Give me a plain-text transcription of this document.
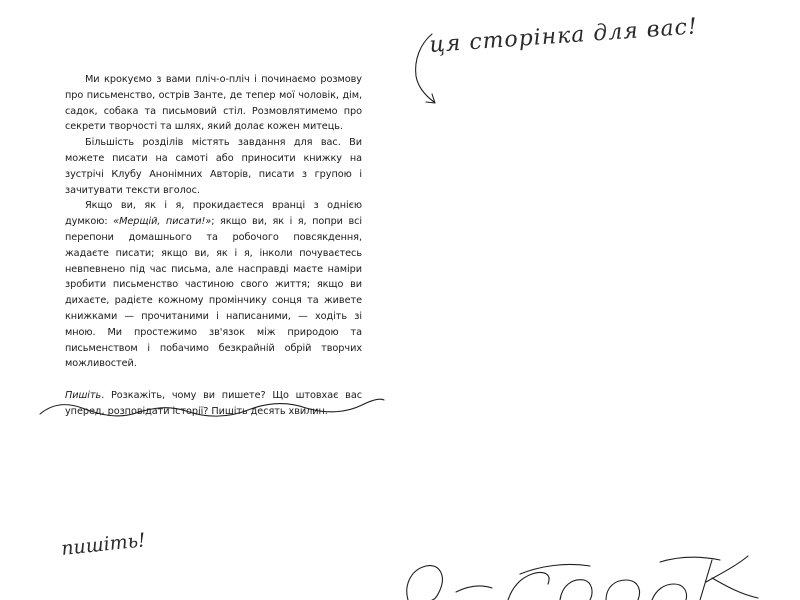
Ми крокуємо з вами пліч-о-пліч і починаємо розмову про письменство, острів Занте, де тепер мої чоловік, дім, садок, собака та письмовий стіл. Розмовлятимемо про секрети творчості та шлях, який долає кожен митець.

Більшість розділів містять завдання для вас. Ви можете писати на самоті або приносити книжку на зустрічі Клубу Анонімних Авторів, писати з групою і зачитувати тексти вголос.

Якщо ви, як і я, прокидаєтеся вранці з однією думкою: «Мерщій, писати!»; якщо ви, як і я, попри всі перепони домашнього та робочого повсякдення, жадаєте писати; якщо ви, як і я, інколи почуваєтесь невпевнено під час письма, але насправді маєте наміри зробити письменство частиною свого життя; якщо ви дихаєте, радієте кожному промінчику сонця та живете книжками — прочитаними і написаними, — ходіть зі мною. Ми простежимо зв'язок між природою та письменством і побачимо безкрайній обрій творчих можливостей.

Пишіть. Розкажіть, чому ви пишете? Що штовхає вас уперед, розповідати історії? Пишіть десять хвилин.

пишіть!
ця сторінка для вас!
